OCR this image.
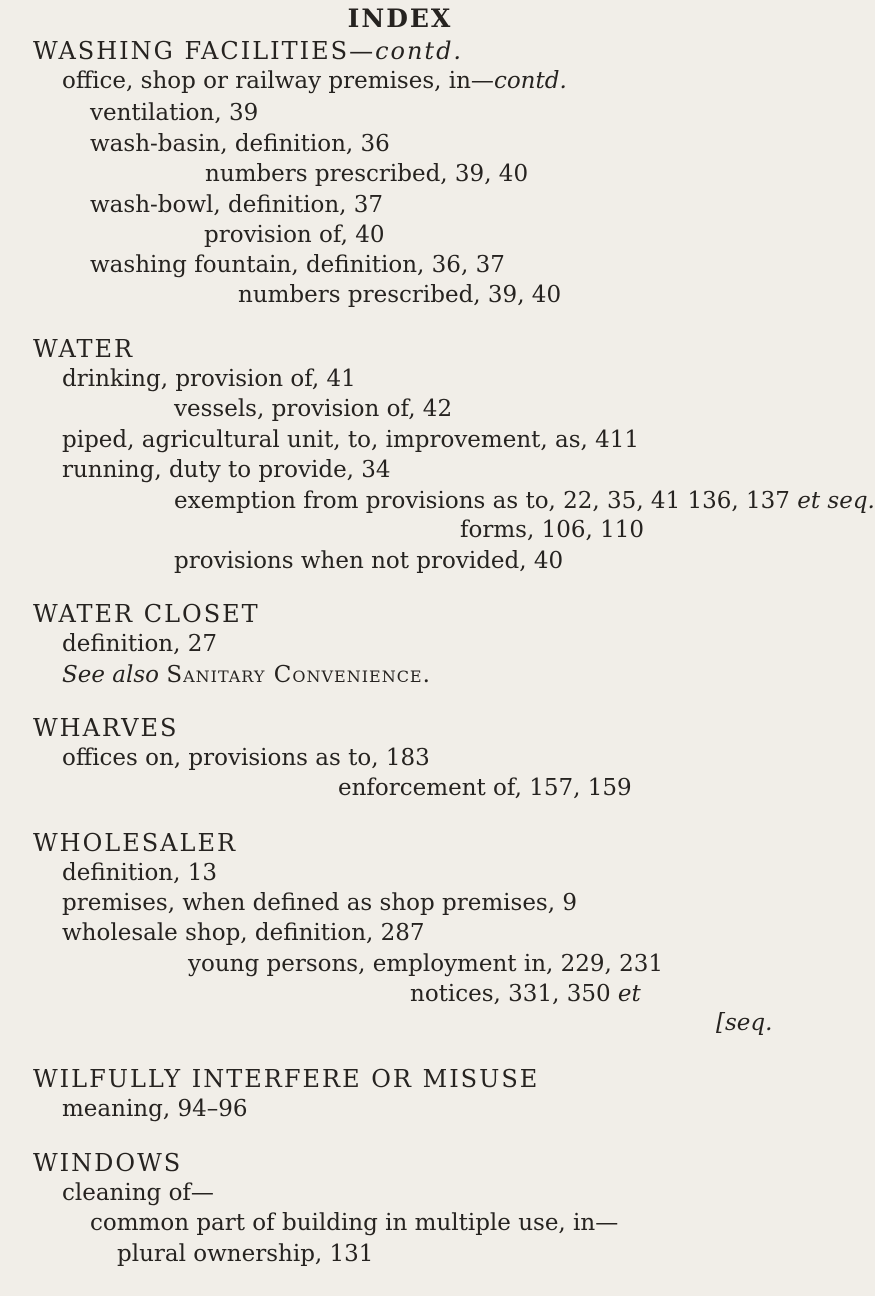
INDEX
WASHING FACILITIES—contd.
office, shop or railway premises, in—contd.
ventilation, 39
wash-basin, definition, 36
numbers prescribed, 39, 40
wash-bowl, definition, 37
provision of, 40
washing fountain, definition, 36, 37
numbers prescribed, 39, 40
WATER
drinking, provision of, 41
vessels, provision of, 42
piped, agricultural unit, to, improvement, as, 411
running, duty to provide, 34
exemption from provisions as to, 22, 35, 41 136, 137 et seq.
forms, 106, 110
provisions when not provided, 40
WATER CLOSET
definition, 27
See also Sanitary Convenience.
WHARVES
offices on, provisions as to, 183
enforcement of, 157, 159
WHOLESALER
definition, 13
premises, when defined as shop premises, 9
wholesale shop, definition, 287
young persons, employment in, 229, 231
notices, 331, 350 et
[seq.
WILFULLY INTERFERE OR MISUSE
meaning, 94–96
WINDOWS
cleaning of—
common part of building in multiple use, in—
plural ownership, 131
